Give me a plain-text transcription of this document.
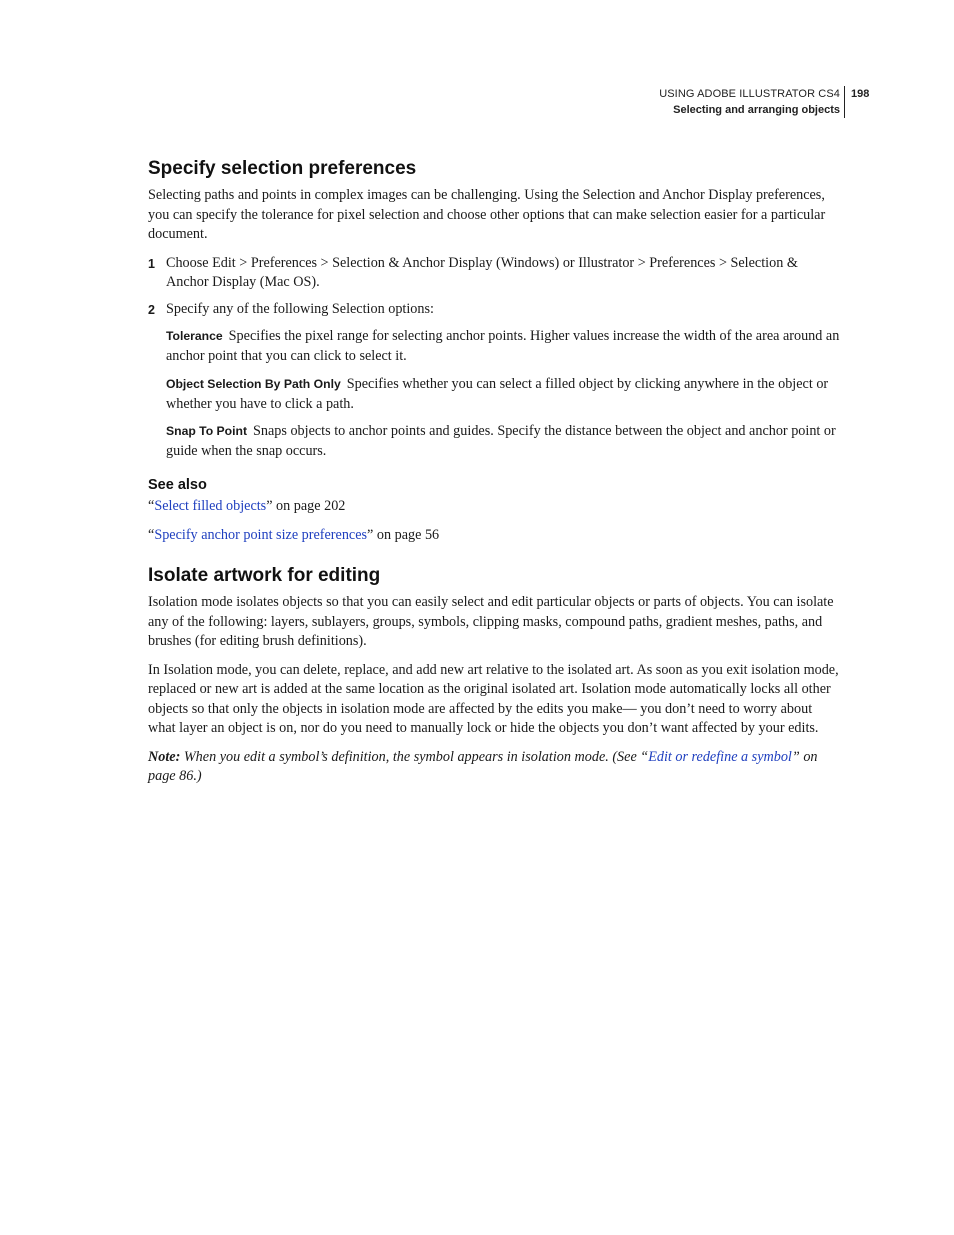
USING ADOBE ILLUSTRATOR CS4
Selecting and arranging objects
198
Specify selection preferences

Selecting paths and points in complex images can be challenging. Using the Selection and Anchor Display preferences, you can specify the tolerance for pixel selection and choose other options that can make selection easier for a particular document.

1 Choose Edit > Preferences > Selection & Anchor Display (Windows) or Illustrator > Preferences > Selection & Anchor Display (Mac OS).

2 Specify any of the following Selection options:

Tolerance Specifies the pixel range for selecting anchor points. Higher values increase the width of the area around an anchor point that you can click to select it.

Object Selection By Path Only Specifies whether you can select a filled object by clicking anywhere in the object or whether you have to click a path.

Snap To Point Snaps objects to anchor points and guides. Specify the distance between the object and anchor point or guide when the snap occurs.

See also

“Select filled objects” on page 202

“Specify anchor point size preferences” on page 56

Isolate artwork for editing

Isolation mode isolates objects so that you can easily select and edit particular objects or parts of objects. You can isolate any of the following: layers, sublayers, groups, symbols, clipping masks, compound paths, gradient meshes, paths, and brushes (for editing brush definitions).

In Isolation mode, you can delete, replace, and add new art relative to the isolated art. As soon as you exit isolation mode, replaced or new art is added at the same location as the original isolated art. Isolation mode automatically locks all other objects so that only the objects in isolation mode are affected by the edits you make— you don’t need to worry about what layer an object is on, nor do you need to manually lock or hide the objects you don’t want affected by your edits.

Note: When you edit a symbol’s definition, the symbol appears in isolation mode. (See “Edit or redefine a symbol” on page 86.)
